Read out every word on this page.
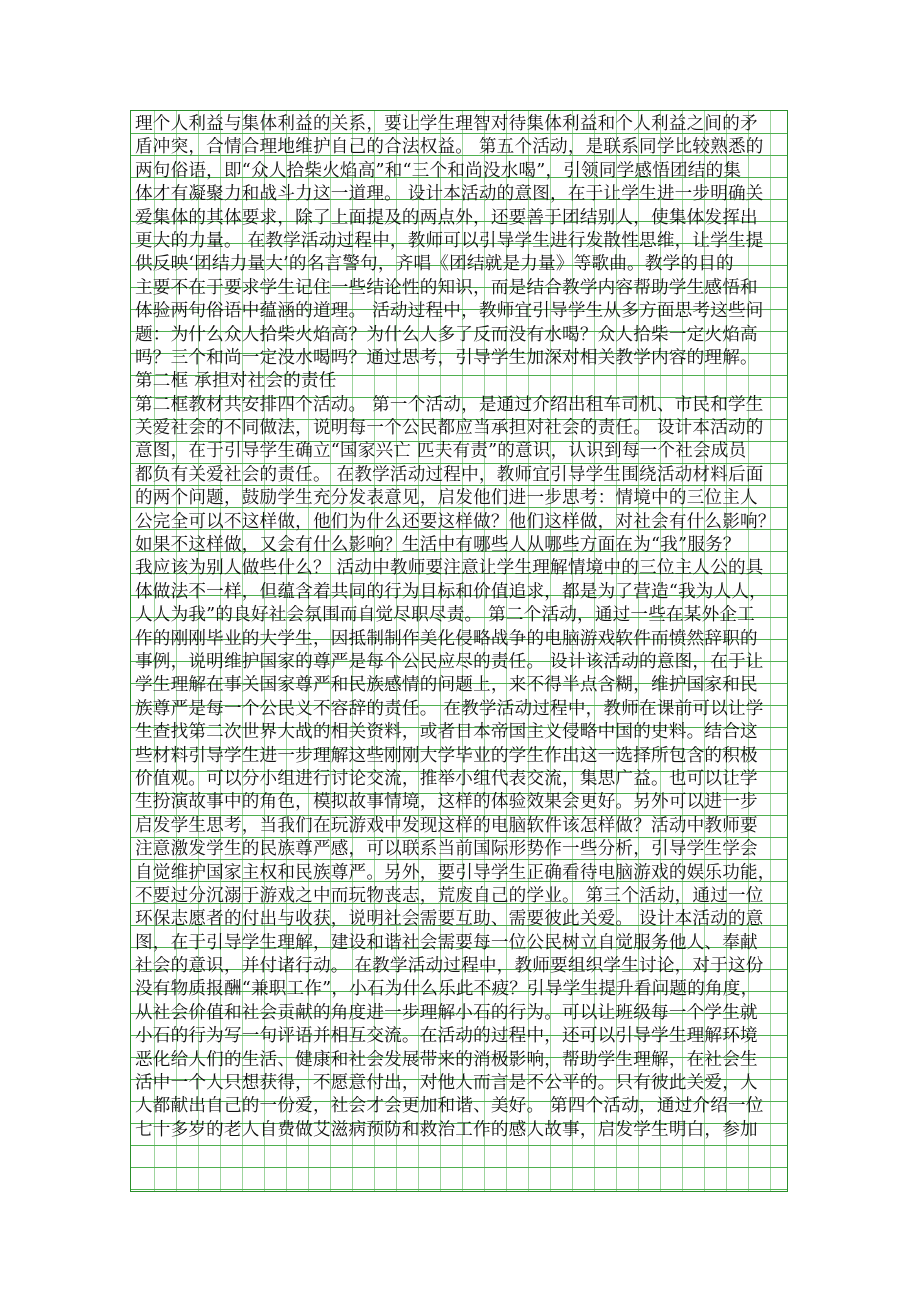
理个人利益与集体利益的关系，要让学生理智对待集体利益和个人利益之间的矛
盾冲突，合情合理地维护自己的合法权益。 第五个活动，是联系同学比较熟悉的
两句俗语，即“众人拾柴火焰高”和“三个和尚没水喝”，引领同学感悟团结的集
体才有凝聚力和战斗力这一道理。 设计本活动的意图，在于让学生进一步明确关
爱集体的其体要求，除了上面提及的两点外，还要善于团结别人，使集体发挥出
更大的力量。 在教学活动过程中，教师可以引导学生进行发散性思维，让学生提
供反映‘团结力量大’的名言警句，齐唱《团结就是力量》等歌曲。教学的目的
主要不在于要求学生记住一些结论性的知识，而是结合教学内容帮助学生感悟和
体验两句俗语中蕴涵的道理。 活动过程中，教师宜引导学生从多方面思考这些问
题：为什么众人拾柴火焰高？为什么人多了反而没有水喝？众人拾柴一定火焰高
吗？三个和尚一定没水喝吗？通过思考，引导学生加深对相关教学内容的理解。
第二框 承担对社会的责任
第二框教材共安排四个活动。 第一个活动，是通过介绍出租车司机、市民和学生
关爱社会的不同做法，说明每一个公民都应当承担对社会的责任。 设计本活动的
意图，在于引导学生确立“国家兴亡 匹夫有责”的意识，认识到每一个社会成员
都负有关爱社会的责任。 在教学活动过程中，教师宜引导学生围绕活动材料后面
的两个问题，鼓励学生充分发表意见，启发他们进一步思考：情境中的三位主人
公完全可以不这样做，他们为什么还要这样做？他们这样做，对社会有什么影响？
如果不这样做，又会有什么影响？生活中有哪些人从哪些方面在为“我”服务？
我应该为别人做些什么？ 活动中教师要注意让学生理解情境中的三位主人公的具
体做法不一样，但蕴含着共同的行为目标和价值追求，都是为了营造“我为人人，
人人为我”的良好社会氛围而自觉尽职尽责。 第二个活动，通过一些在某外企工
作的刚刚毕业的大学生，因抵制制作美化侵略战争的电脑游戏软件而愤然辞职的
事例，说明维护国家的尊严是每个公民应尽的责任。 设计该活动的意图，在于让
学生理解在事关国家尊严和民族感情的问题上，来不得半点含糊，维护国家和民
族尊严是每一个公民义不容辞的责任。 在教学活动过程中，教师在课前可以让学
生查找第二次世界大战的相关资料，或者日本帝国主义侵略中国的史料。结合这
些材料引导学生进一步理解这些刚刚大学毕业的学生作出这一选择所包含的积极
价值观。可以分小组进行讨论交流，推举小组代表交流，集思广益。也可以让学
生扮演故事中的角色，模拟故事情境，这样的体验效果会更好。另外可以进一步
启发学生思考，当我们在玩游戏中发现这样的电脑软件该怎样做？活动中教师要
注意激发学生的民族尊严感，可以联系当前国际形势作一些分析，引导学生学会
自觉维护国家主权和民族尊严。另外，要引导学生正确看待电脑游戏的娱乐功能，
不要过分沉溺于游戏之中而玩物丧志，荒废自己的学业。 第三个活动，通过一位
环保志愿者的付出与收获，说明社会需要互助、需要彼此关爱。 设计本活动的意
图，在于引导学生理解，建设和谐社会需要每一位公民树立自觉服务他人、奉献
社会的意识，并付诸行动。 在教学活动过程中，教师要组织学生讨论，对于这份
没有物质报酬“兼职工作”，小石为什么乐此不疲？引导学生提升看问题的角度，
从社会价值和社会贡献的角度进一步理解小石的行为。可以让班级每一个学生就
小石的行为写一句评语并相互交流。在活动的过程中，还可以引导学生理解环境
恶化给人们的生活、健康和社会发展带来的消极影响，帮助学生理解，在社会生
活中一个人只想获得，不愿意付出，对他人而言是不公平的。只有彼此关爱，人
人都献出自己的一份爱，社会才会更加和谐、美好。 第四个活动，通过介绍一位
七十多岁的老人自费做艾滋病预防和救治工作的感人故事，启发学生明白，参加
